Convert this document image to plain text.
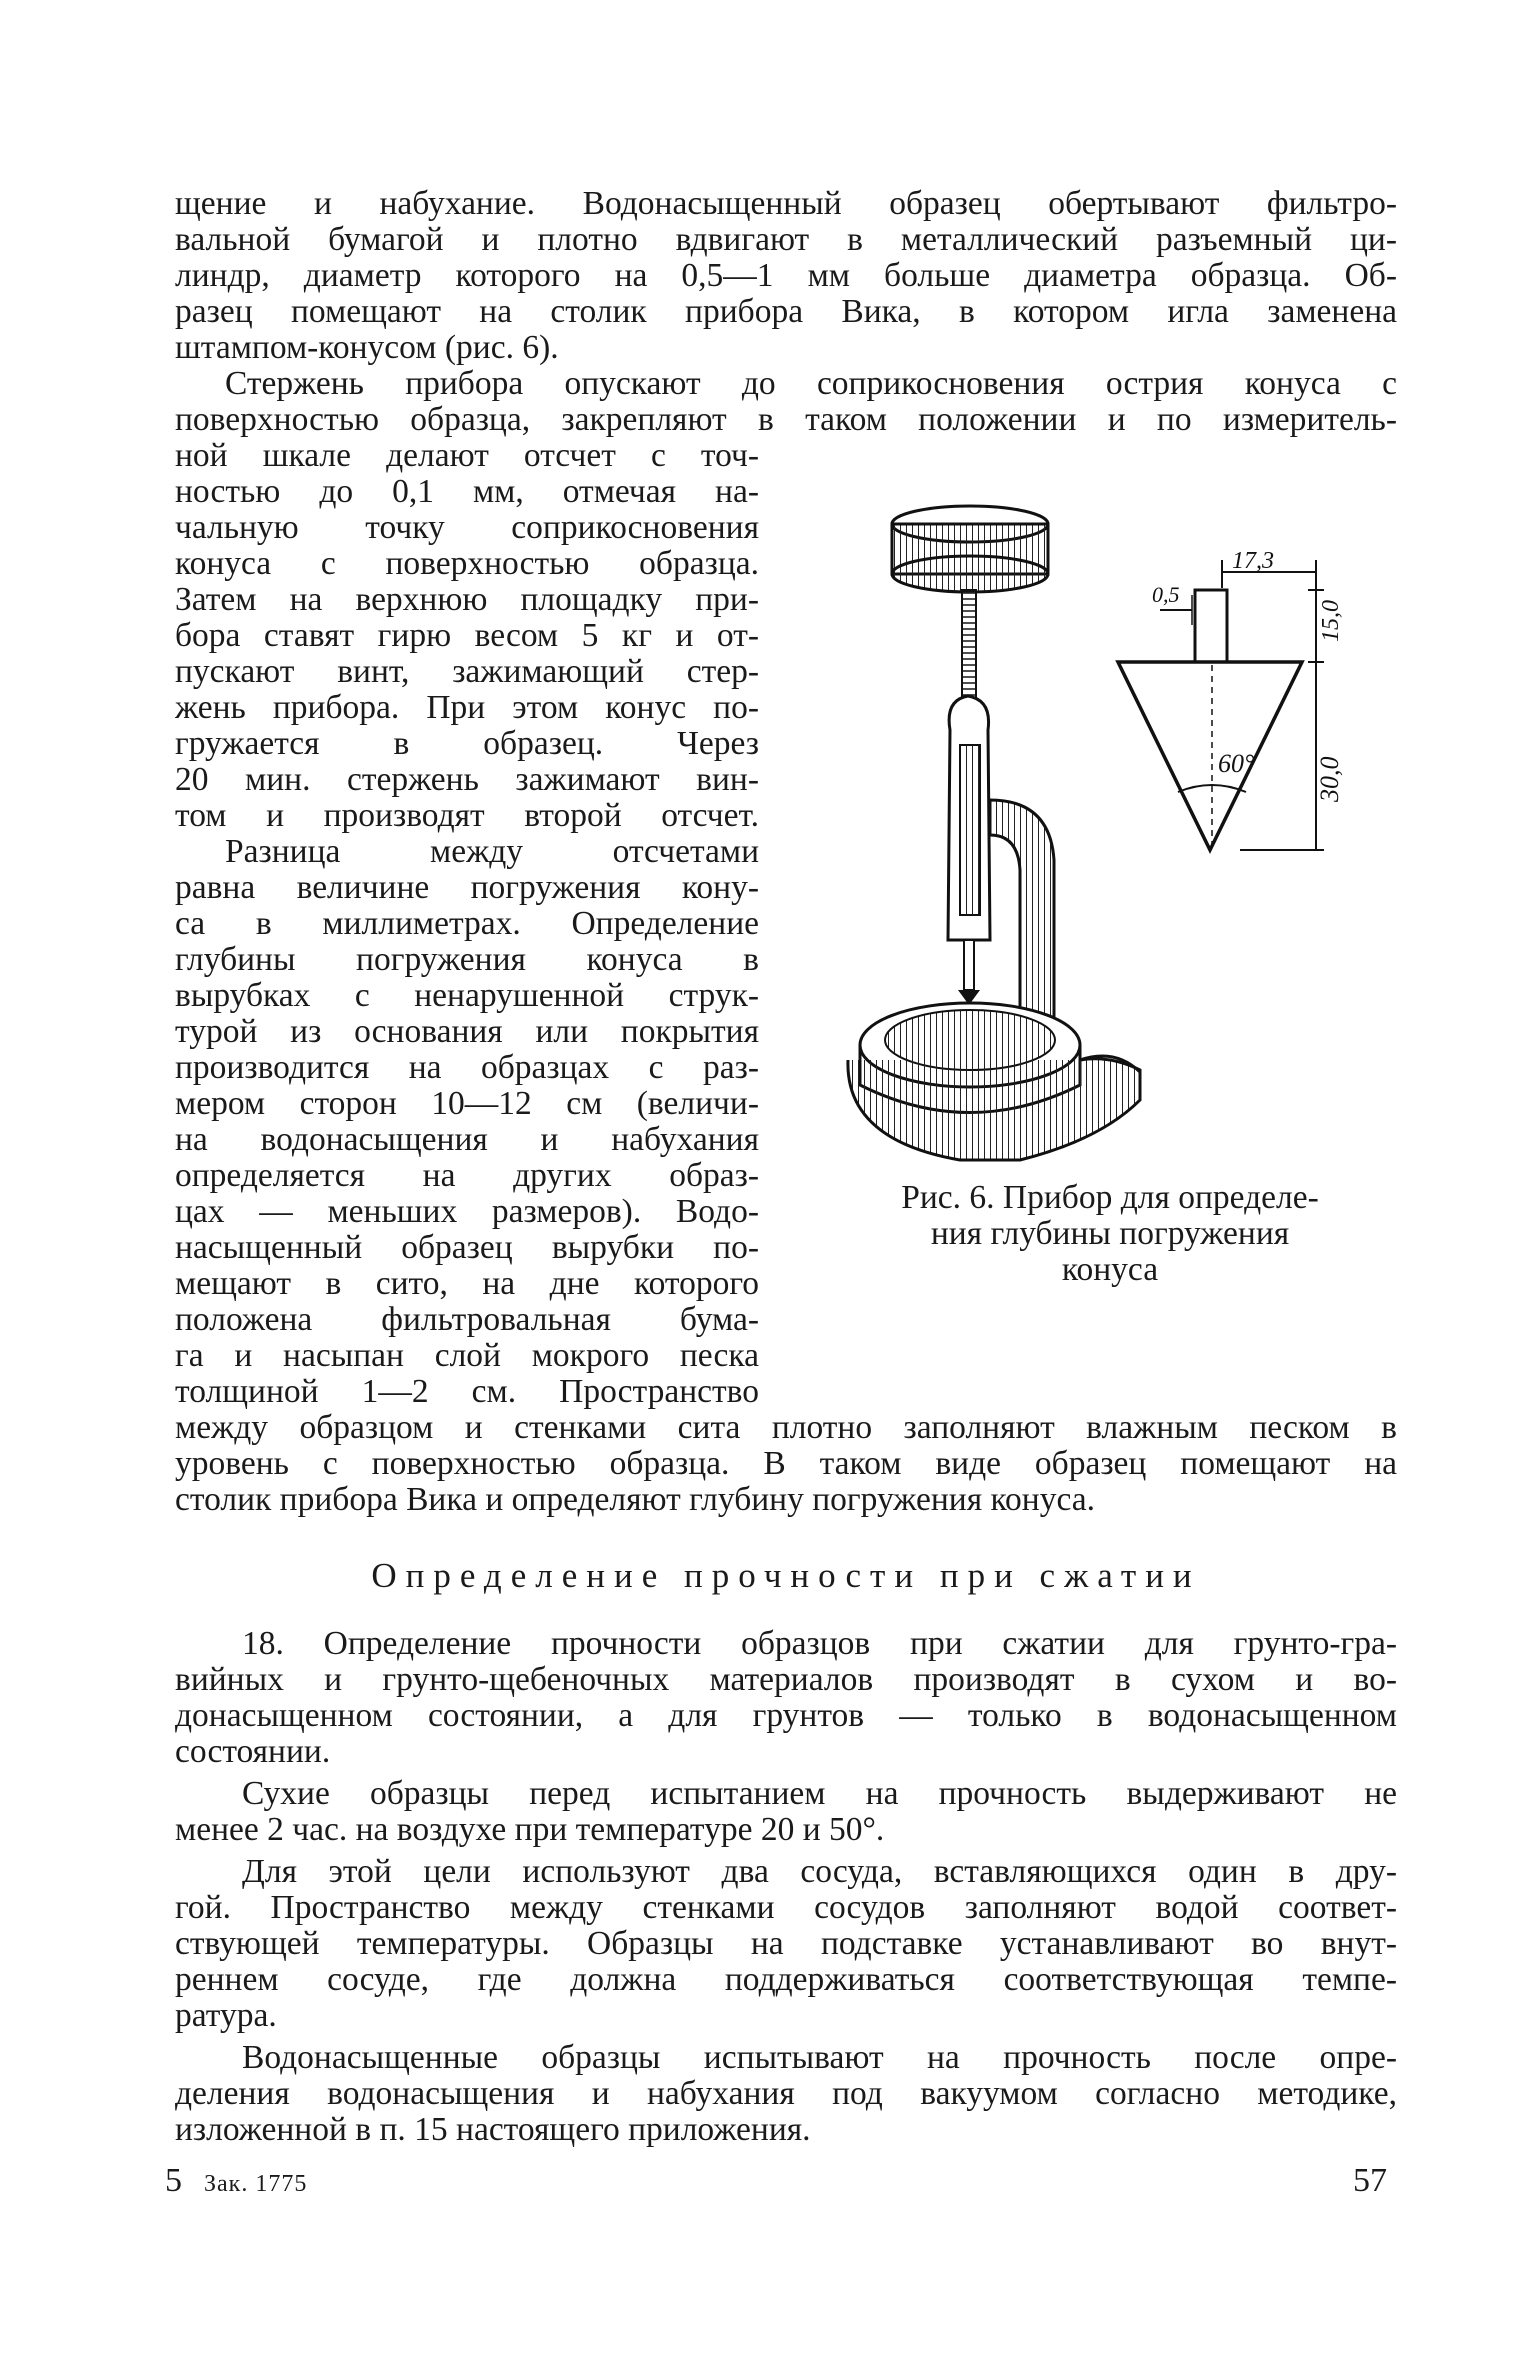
щение и набухание. Водонасыщенный образец обертывают фильтро-
вальной бумагой и плотно вдвигают в металлический разъемный ци-
линдр, диаметр которого на 0,5—1 мм больше диаметра образца. Об-
разец помещают на столик прибора Вика, в котором игла заменена
штампом-конусом (рис. 6).
Стержень прибора опускают до соприкосновения острия конуса с
поверхностью образца, закрепляют в таком положении и по измеритель-
ной шкале делают отсчет с точ-
ностью до 0,1 мм, отмечая на-
чальную точку соприкосновения
конуса с поверхностью образца.
Затем на верхнюю площадку при-
бора ставят гирю весом 5 кг и от-
пускают винт, зажимающий стер-
жень прибора. При этом конус по-
гружается в образец. Через
20 мин. стержень зажимают вин-
том и производят второй отсчет.
Разница между отсчетами
равна величине погружения кону-
са в миллиметрах. Определение
глубины погружения конуса в
вырубках с ненарушенной струк-
турой из основания или покрытия
производится на образцах с раз-
мером сторон 10—12 см (величи-
на водонасыщения и набухания
определяется на других образ-
цах — меньших размеров). Водо-
насыщенный образец вырубки по-
мещают в сито, на дне которого
положена фильтровальная бума-
га и насыпан слой мокрого песка
толщиной 1—2 см. Пространство
между образцом и стенками сита плотно заполняют влажным песком в
уровень с поверхностью образца. В таком виде образец помещают на
столик прибора Вика и определяют глубину погружения конуса.
17,3
0,5
60°
15,0
30,0
Рис. 6. Прибор для определе-
ния глубины погружения
конуса
Определение прочности при сжатии
18. Определение прочности образцов при сжатии для грунто-гра-
вийных и грунто-щебеночных материалов производят в сухом и во-
донасыщенном состоянии, а для грунтов — только в водонасыщенном
состоянии.
Сухие образцы перед испытанием на прочность выдерживают не
менее 2 час. на воздухе при температуре 20 и 50°.
Для этой цели используют два сосуда, вставляющихся один в дру-
гой. Пространство между стенками сосудов заполняют водой соответ-
ствующей температуры. Образцы на подставке устанавливают во внут-
реннем сосуде, где должна поддерживаться соответствующая темпе-
ратура.
Водонасыщенные образцы испытывают на прочность после опре-
деления водонасыщения и набухания под вакуумом согласно методике,
изложенной в п. 15 настоящего приложения.
5 Зак. 1775	57
